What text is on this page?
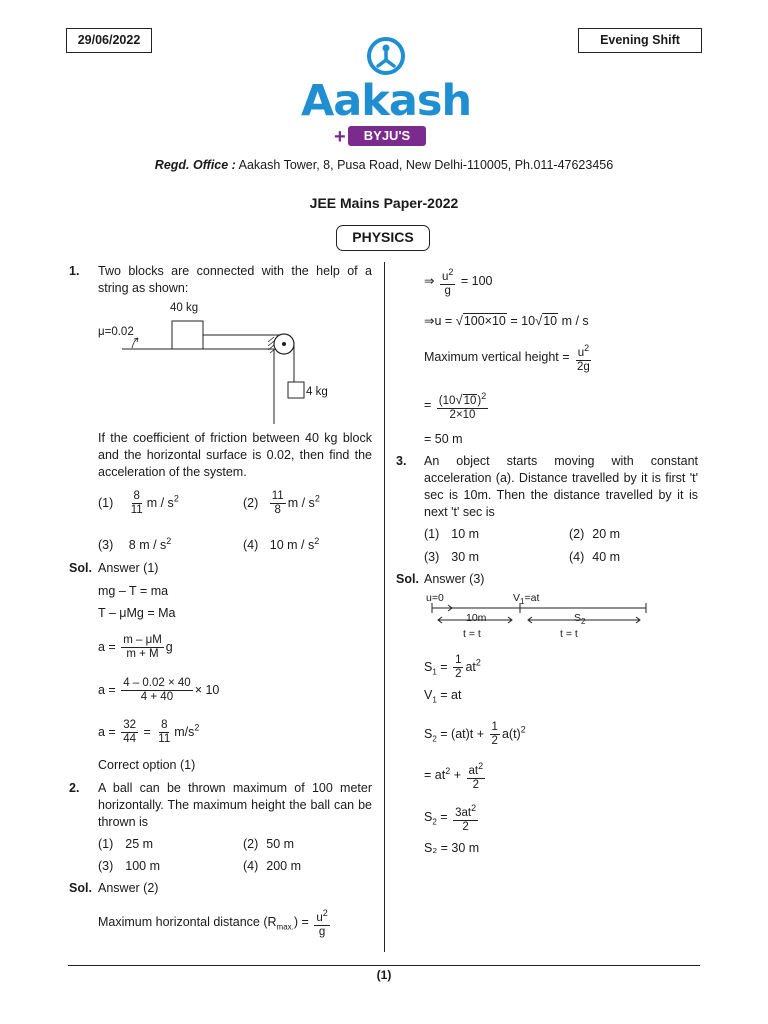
29/06/2022	Evening Shift
Aakash
+	BYJU'S
Regd. Office : Aakash Tower, 8, Pusa Road, New Delhi-110005, Ph.011-47623456
JEE Mains Paper-2022
PHYSICS
1. Two blocks are connected with the help of a string as shown:
40 kg
μ=0.02
4 kg
If the coefficient of friction between 40 kg block and the horizontal surface is 0.02, then find the acceleration of the system.
$(1) \frac{8}{11}$ m / $s^2$	$(2) \frac{11}{8}$ m / $s^2$
(3) 8 m / $s^2$	(4) 10 m / $s^2$
Sol. Answer (1)
mg – T = ma
T – μMg = Ma
$a = \frac{m - \mu M}{m + M}$ g
$a = \frac{4 - 0.02 \times 40}{4 + 40} \times 10$
$a = \frac{32}{44} = \frac{8}{11} m/s^2$
Correct option (1)
2. A ball can be thrown maximum of 100 meter horizontally. The maximum height the ball can be thrown is
(1) 25 m	(2) 50 m
(3) 100 m	(4) 200 m
Sol. Answer (2)
Maximum horizontal distance $(R_{max.}) = \frac{u^2}{g}$
⇒ $\frac{u^2}{g} = 100$
⇒u = √100×10 = 10√10 m / s
Maximum vertical height = $\frac{u^2}{2g}$
= $\frac{(10√10)^2}{2\times 10}$
= 50 m
3. An object starts moving with constant acceleration (a). Distance travelled by it is first 't' sec is 10m. Then the distance travelled by it is next 't' sec is
(1) 10 m	(2) 20 m
(3) 30 m	(4) 40 m
Sol. Answer (3)
u=0	$V_1=at$
10m	$S_2$
t = t	t = t
$S_1 = \frac{1}{2} at^2$
$V_1$ = at
$S_2 = (at)t + \frac{1}{2} a(t)^2$
= $at^2 + \frac{at^2}{2}$
$S_2 = \frac{3at^2}{2}$
S₂ = 30 m
(1)
